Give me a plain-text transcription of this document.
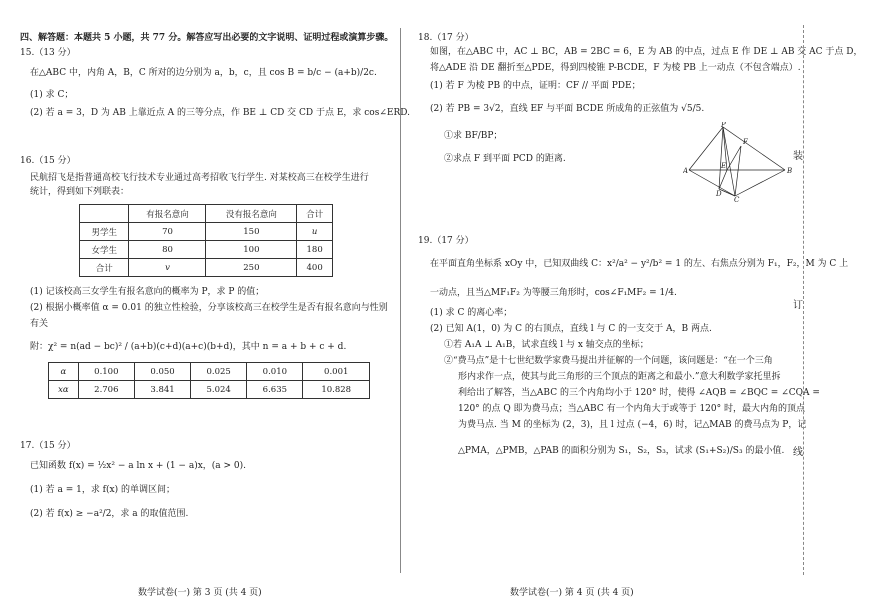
四、解答题：本题共 5 小题，共 77 分。解答应写出必要的文字说明、证明过程或演算步骤。
15.（13 分）
在△ABC 中，内角 A，B，C 所对的边分别为 a，b，c，且 cos B = b/c − (a+b)/2c.
(1) 求 C；
(2) 若 a = 3，D 为 AB 上靠近点 A 的三等分点，作 BE ⊥ CD 交 CD 于点 E，求 cos∠ERD.
16.（15 分）
民航招飞是指普通高校飞行技术专业通过高考招收飞行学生. 对某校高三在校学生进行
统计，得到如下列联表：
	有报名意向	没有报名意向	合计
男学生	70	150	u
女学生	80	100	180
合计	v	250	400
(1) 记该校高三女学生有报名意向的概率为 P，求 P 的值；
(2) 根据小概率值 α = 0.01 的独立性检验，分享该校高三在校学生是否有报名意向与性别
有关
附：χ² = n(ad − bc)² / (a+b)(c+d)(a+c)(b+d)，其中 n = a + b + c + d.
α	0.100	0.050	0.025	0.010	0.001
xα	2.706	3.841	5.024	6.635	10.828
17.（15 分）
已知函数 f(x) = ½x² − a ln x + (1 − a)x，(a > 0).
(1) 若 a = 1，求 f(x) 的单调区间；
(2) 若 f(x) ≥ −a²/2，求 a 的取值范围.
数学试卷(一) 第 3 页 (共 4 页)
18.（17 分）
如图，在△ABC 中，AC ⊥ BC，AB = 2BC = 6，E 为 AB 的中点，过点 E 作 DE ⊥ AB 交 AC 于点 D，
将△ADE 沿 DE 翻折至△PDE，得到四棱锥 P-BCDE，F 为棱 PB 上一动点（不包含端点）.
(1) 若 F 为棱 PB 的中点，证明：CF // 平面 PDE；
(2) 若 PB = 3√2，直线 EF 与平面 BCDE 所成角的正弦值为 √5/5.
①求 BF/BP；
②求点 F 到平面 PCD 的距离.
P
F
A
E
B
D
C
19.（17 分）
在平面直角坐标系 xOy 中，已知双曲线 C：x²/a² − y²/b² = 1 的左、右焦点分别为 F₁，F₂，M 为 C 上
一动点，且当△MF₁F₂ 为等腰三角形时，cos∠F₁MF₂ = 1/4.
(1) 求 C 的离心率；
(2) 已知 A(1，0) 为 C 的右顶点，直线 l 与 C 的一支交于 A，B 两点.
①若 A₁A ⊥ A₁B，试求直线 l 与 x 轴交点的坐标；
②“费马点”是十七世纪数学家费马提出并征解的一个问题，该问题是：“在一个三角
形内求作一点，使其与此三角形的三个顶点的距离之和最小.”意大利数学家托里拆
利给出了解答，当△ABC 的三个内角均小于 120° 时，使得 ∠AQB = ∠BQC = ∠CQA =
120° 的点 Q 即为费马点；当△ABC 有一个内角大于或等于 120° 时，最大内角的顶点
为费马点. 当 M 的坐标为 (2，3)，且 l 过点 (−4，6) 时，记△MAB 的费马点为 P，记
△PMA，△PMB，△PAB 的面积分别为 S₁，S₂，S₃，试求 (S₁+S₂)/S₃ 的最小值.
数学试卷(一) 第 4 页 (共 4 页)
装
订
线
